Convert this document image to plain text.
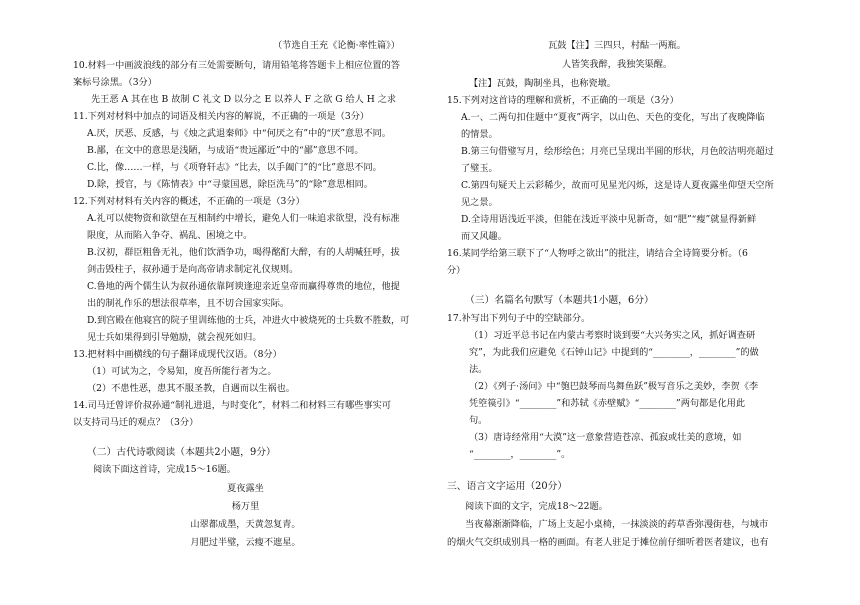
（节选自王充《论衡·率性篇》）
10.材料一中画波浪线的部分有三处需要断句，请用铅笔将答题卡上相应位置的答
案标号涂黑。（3分）
先王恶 A 其在也 B 故制 C 礼文 D 以分之 E 以养人 F 之欲 G 给人 H 之求
11.下列对材料中加点的词语及相关内容的解说，不正确的一项是（3分）
A.厌，厌恶、反感，与《烛之武退秦师》中“何厌之有”中的“厌”意思不同。
B.鄙，在文中的意思是浅陋，与成语“贵远鄙近”中的“鄙”意思不同。
C.比，像……一样，与《项脊轩志》“比去，以手阖门”的“比”意思不同。
D.除，授官，与《陈情表》中“寻蒙国恩，除臣洗马”的“除”意思相同。
12.下列对材料有关内容的概述，不正确的一项是（3分）
A.礼可以使物资和欲望在互相制约中增长，避免人们一味追求欲望，没有标准
限度，从而陷入争夺、祸乱、困境之中。
B.汉初，群臣粗鲁无礼，他们饮酒争功，喝得酩酊大醉，有的人胡喊狂呼，拔
剑击毁柱子，叔孙通于是向高帝请求制定礼仪规则。
C.鲁地的两个儒生认为叔孙通依靠阿谀逢迎亲近皇帝而赢得尊贵的地位，他提
出的制礼作乐的想法很草率，且不切合国家实际。
D.到宫殿在他寝宫的院子里训练他的士兵，冲进火中被烧死的士兵数不胜数，可
见士兵如果得到引导勉励，就会视死如归。
13.把材料中画横线的句子翻译成现代汉语。（8分）
（1）可试为之，令易知，度吾所能行者为之。
（2）不患性恶，患其不服圣教，自遇而以生祸也。
14.司马迁曾评价叔孙通“制礼进退，与时变化”，材料二和材料三有哪些事实可
以支持司马迁的观点？（3分）
（二）古代诗歌阅读（本题共2小题，9分）
阅读下面这首诗，完成15～16题。
夏夜露坐
杨万里
山翠都成墨，天黄忽复青。
月肥过半璧，云瘦不遮星。
瓦鼓【注】三四只，村酤一两瓶。
人皆笑我醉，我独笑渠醒。
【注】瓦鼓，陶制坐具，也称瓷墩。
15.下列对这首诗的理解和赏析，不正确的一项是（3分）
A.一、二两句扣住题中“夏夜”两字，以山色、天色的变化，写出了夜晚降临
的情景。
B.第三句借璧写月，绘形绘色；月亮已呈现出半圆的形状，月色皎洁明亮超过
了璧玉。
C.第四句疑天上云彩稀少，故而可见星光闪烁，这是诗人夏夜露坐仰望天空所
见之景。
D.全诗用语浅近平淡，但能在浅近平淡中见新奇，如“肥”“瘦”就显得新鲜
而又风趣。
16.某同学给第三联下了“人物呼之欲出”的批注，请结合全诗简要分析。（6
分）
（三）名篇名句默写（本题共1小题，6分）
17.补写出下列句子中的空缺部分。
（1）习近平总书记在内蒙古考察时谈到要“大兴务实之风，抓好调查研
究”，为此我们应避免《石钟山记》中提到的“________，________”的做
法。
（2）《列子·汤问》中“匏巴鼓琴而鸟舞鱼跃”极写音乐之美妙，李贺《李
凭箜篌引》“________”和苏轼《赤壁赋》“________”两句都是化用此
句。
（3）唐诗经常用“大漠”这一意象营造苍凉、孤寂或壮美的意境，如
“________，________”。
三、语言文字运用（20分）
阅读下面的文字，完成18～22题。
当夜幕渐渐降临，广场上支起小桌椅，一抹淡淡的药草香弥漫街巷，与城市
的烟火气交织成别具一格的画面。有老人驻足于摊位前仔细听着医者建议，也有
